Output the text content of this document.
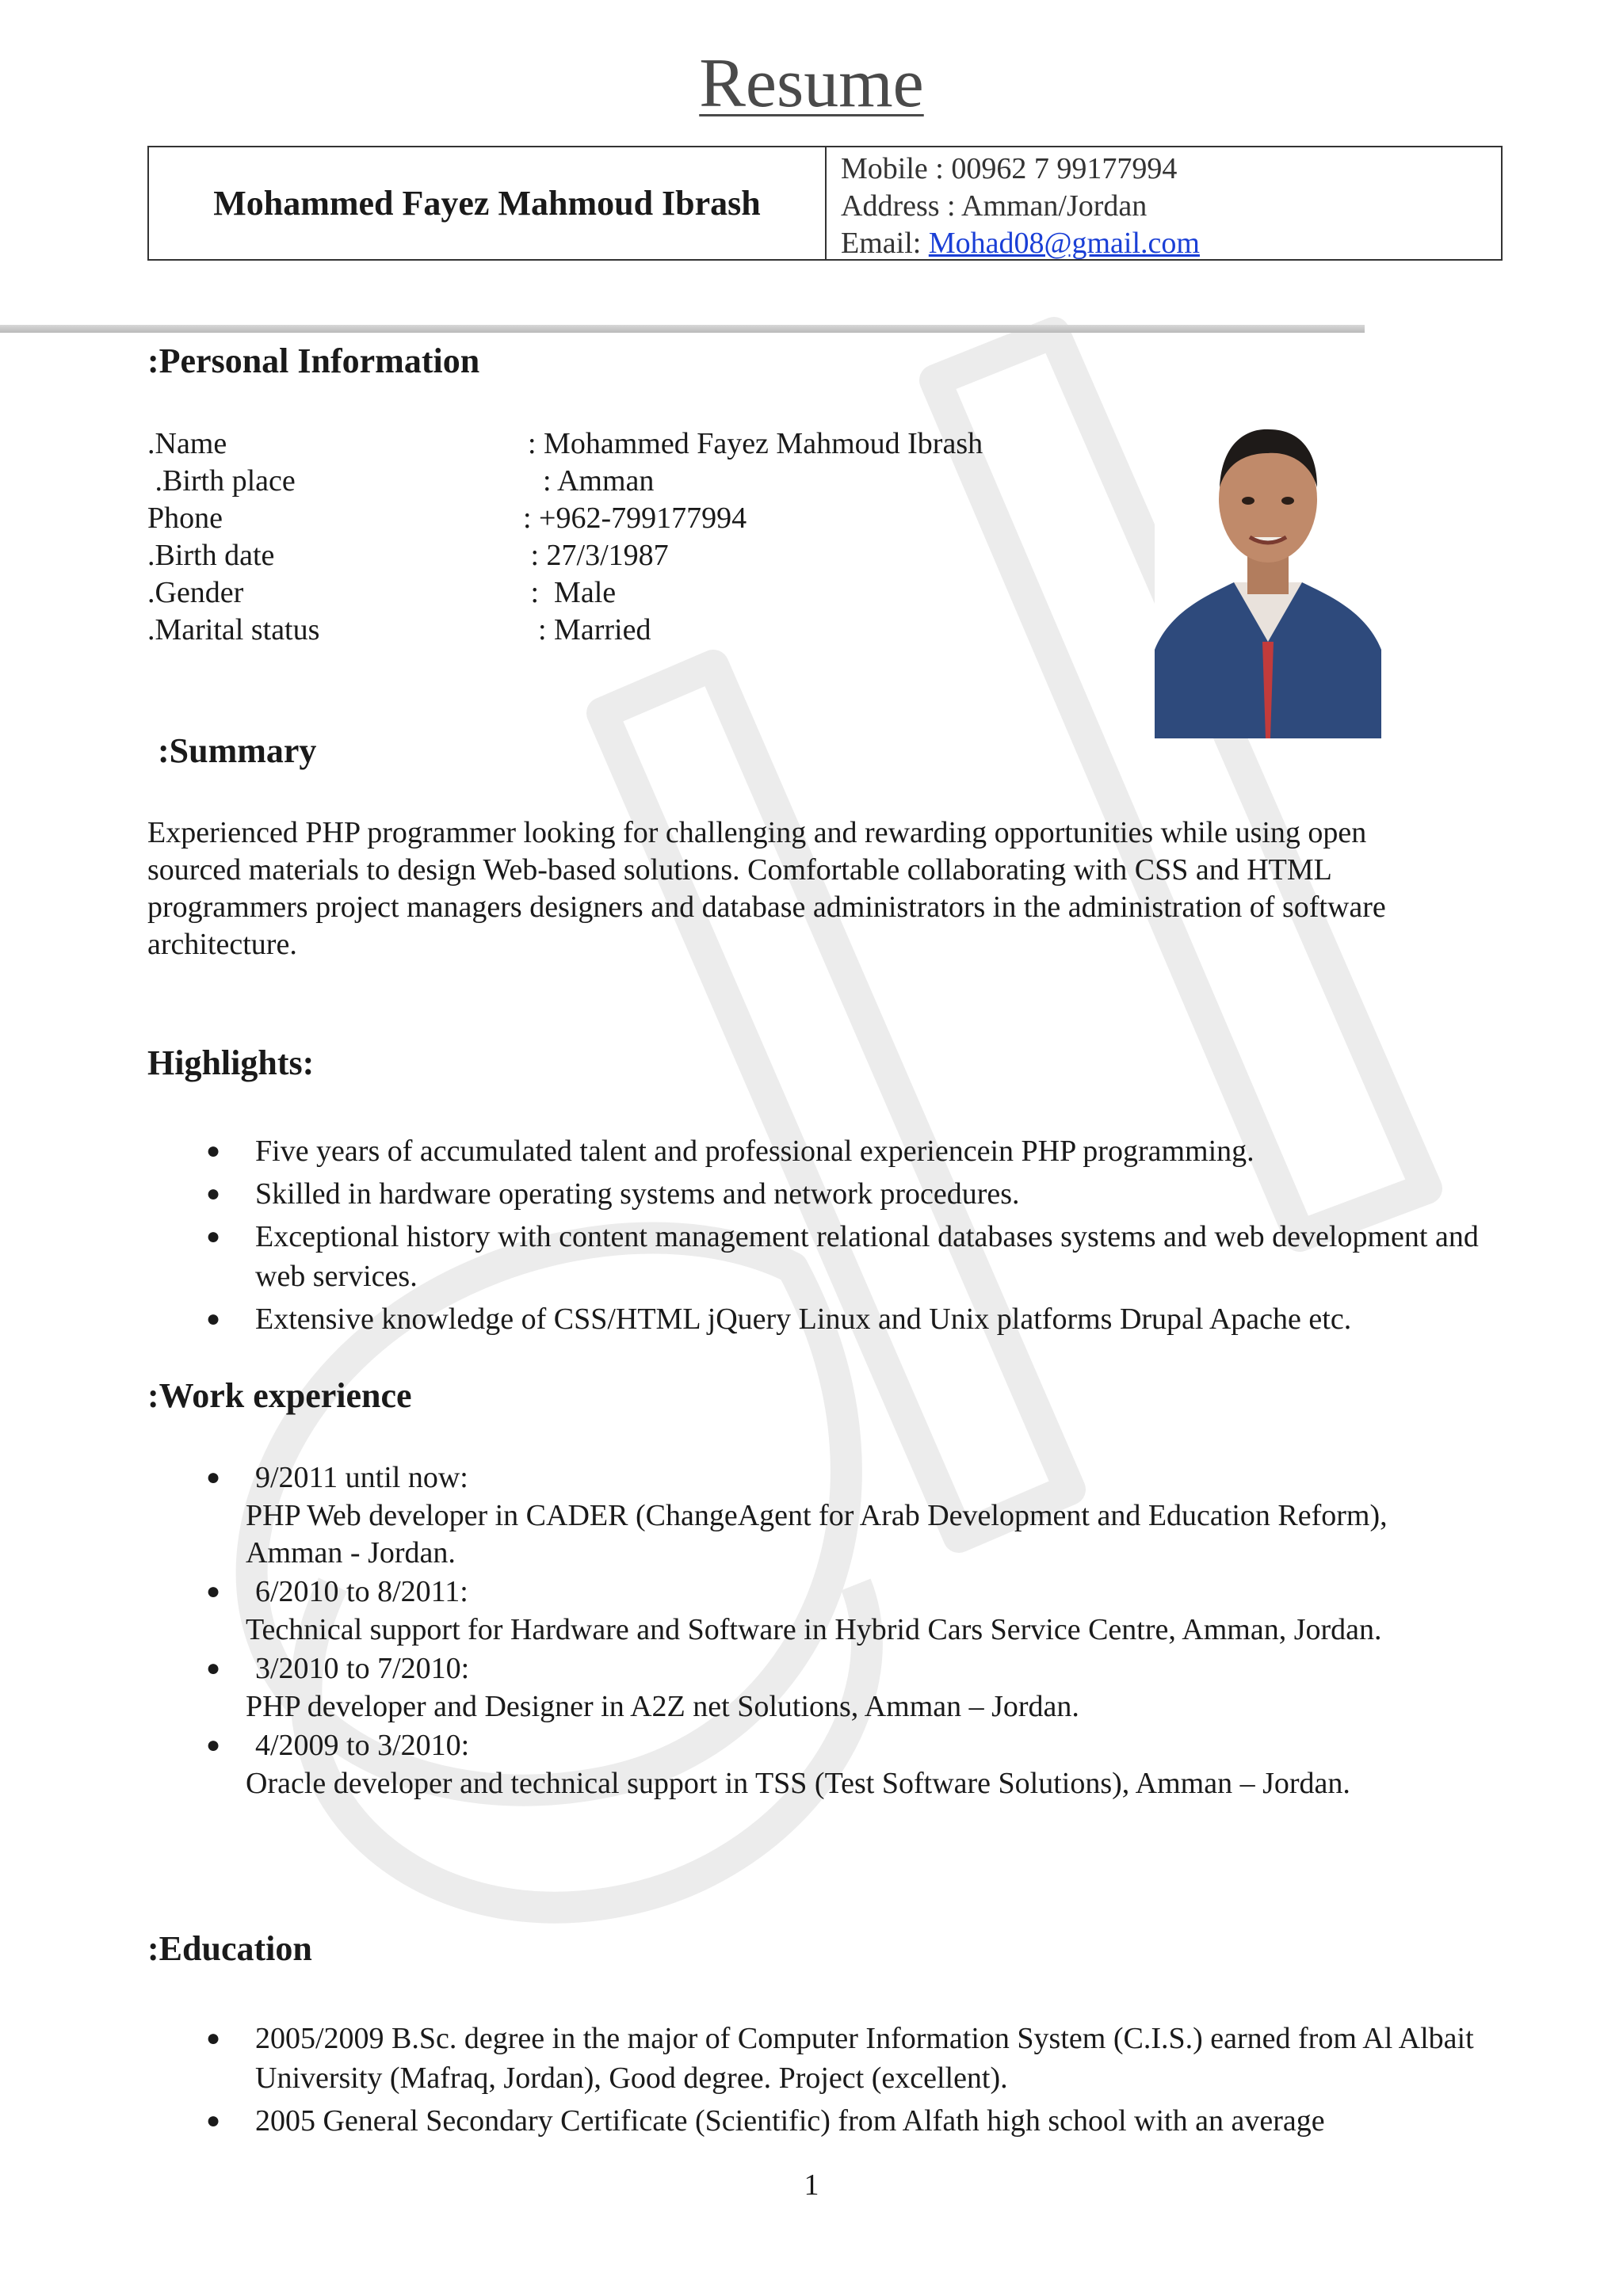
Resume
Mohammed Fayez Mahmoud Ibrash
Mobile : 00962 7 99177994
Address : Amman/Jordan
Email: Mohad08@gmail.com
:Personal Information
.Name	: Mohammed Fayez Mahmoud Ibrash
.Birth place	: Amman
Phone	: +962-799177994
.Birth date	: 27/3/1987
.Gender	:  Male
.Marital status	: Married
:Summary
Experienced PHP programmer looking for challenging and rewarding opportunities while using open sourced materials to design Web-based solutions. Comfortable collaborating with CSS and HTML programmers project managers designers and database administrators in the administration of software architecture.
Highlights:
● Five years of accumulated talent and professional experiencein PHP programming.
● Skilled in hardware operating systems and network procedures.
● Exceptional history with content management relational databases systems and web development and web services.
● Extensive knowledge of CSS/HTML jQuery Linux and Unix platforms Drupal Apache etc.
:Work experience
●	9/2011 until now:
PHP Web developer in CADER (ChangeAgent for Arab Development and Education Reform), Amman - Jordan.
●	6/2010 to 8/2011:
Technical support for Hardware and Software in Hybrid Cars Service Centre, Amman, Jordan.
●	3/2010 to 7/2010:
PHP developer and Designer in A2Z net Solutions, Amman – Jordan.
●	4/2009 to 3/2010:
Oracle developer and technical support in TSS (Test Software Solutions), Amman – Jordan.
:Education
● 2005/2009 B.Sc. degree in the major of Computer Information System (C.I.S.) earned from Al Albait University (Mafraq, Jordan), Good degree. Project (excellent).
● 2005 General Secondary Certificate (Scientific) from Alfath high school with an average
1
